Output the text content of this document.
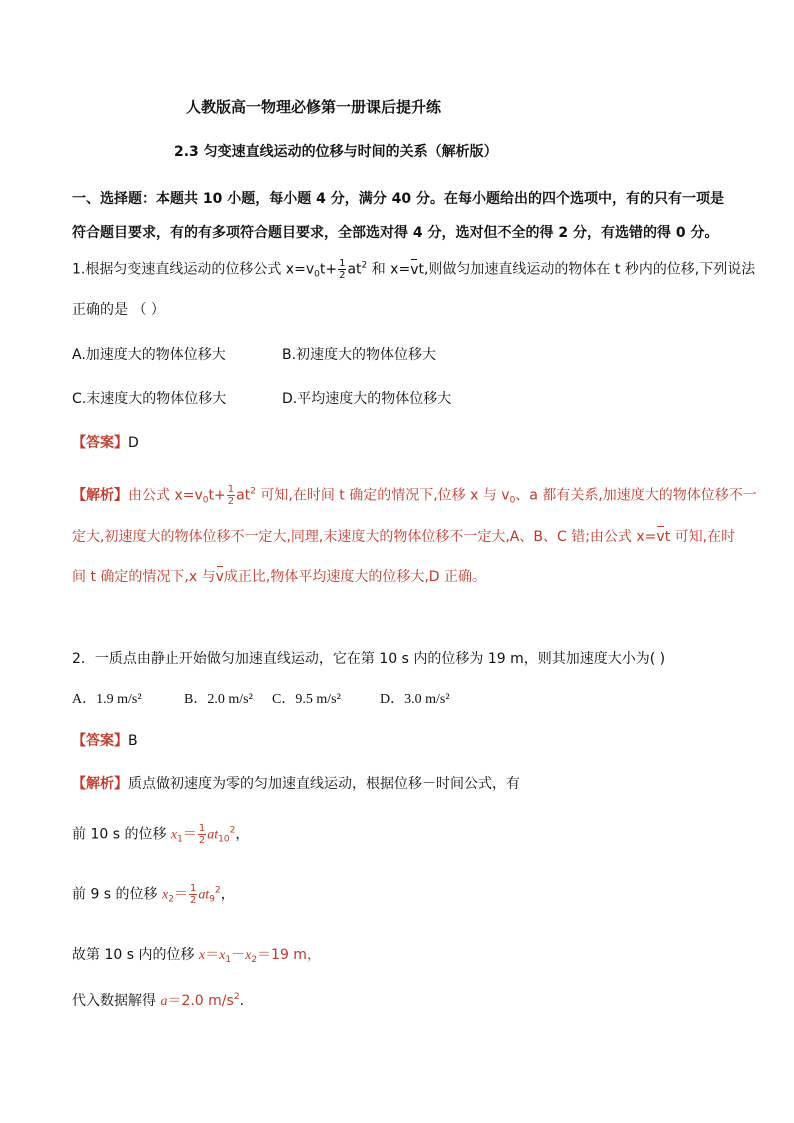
人教版高一物理必修第一册课后提升练
2.3 匀变速直线运动的位移与时间的关系（解析版）
一、选择题：本题共 10 小题，每小题 4 分，满分 40 分。在每小题给出的四个选项中，有的只有一项是符合题目要求，有的有多项符合题目要求，全部选对得 4 分，选对但不全的得 2 分，有选错的得 0 分。
1.根据匀变速直线运动的位移公式 $x=v_0t+ \frac{1}{2} at^2$ 和 x=vt,则做匀加速直线运动的物体在 t 秒内的位移,下列说法
正确的是 （ ）
A.加速度大的物体位移大	B.初速度大的物体位移大
C.末速度大的物体位移大	D.平均速度大的物体位移大
【答案】D
【解析】由公式 $x=v_0t+ \frac{1}{2} at^2$ 可知,在时间 t 确定的情况下,位移 x 与 $v_0$、a 都有关系,加速度大的物体位移不一
定大,初速度大的物体位移不一定大,同理,末速度大的物体位移不一定大,A、B、C 错;由公式 x=vt 可知,在时
间 t 确定的情况下,x 与v成正比,物体平均速度大的位移大,D 正确。
2．一质点由静止开始做匀加速直线运动，它在第 10 s 内的位移为 19 m，则其加速度大小为( )
A．1.9 m/s²	B．2.0 m/s² C．9.5 m/s²	D．3.0 m/s²
【答案】B
【解析】质点做初速度为零的匀加速直线运动，根据位移－时间公式，有
前 10 s 的位移 $x_1= \frac{1}{2} at_{10}^2$，
前 9 s 的位移 $x_2= \frac{1}{2} at_9^2$，
故第 10 s 内的位移 $x=x_1-x_2=19$ m，
代入数据解得 a＝2.0 $m/s^2$.
